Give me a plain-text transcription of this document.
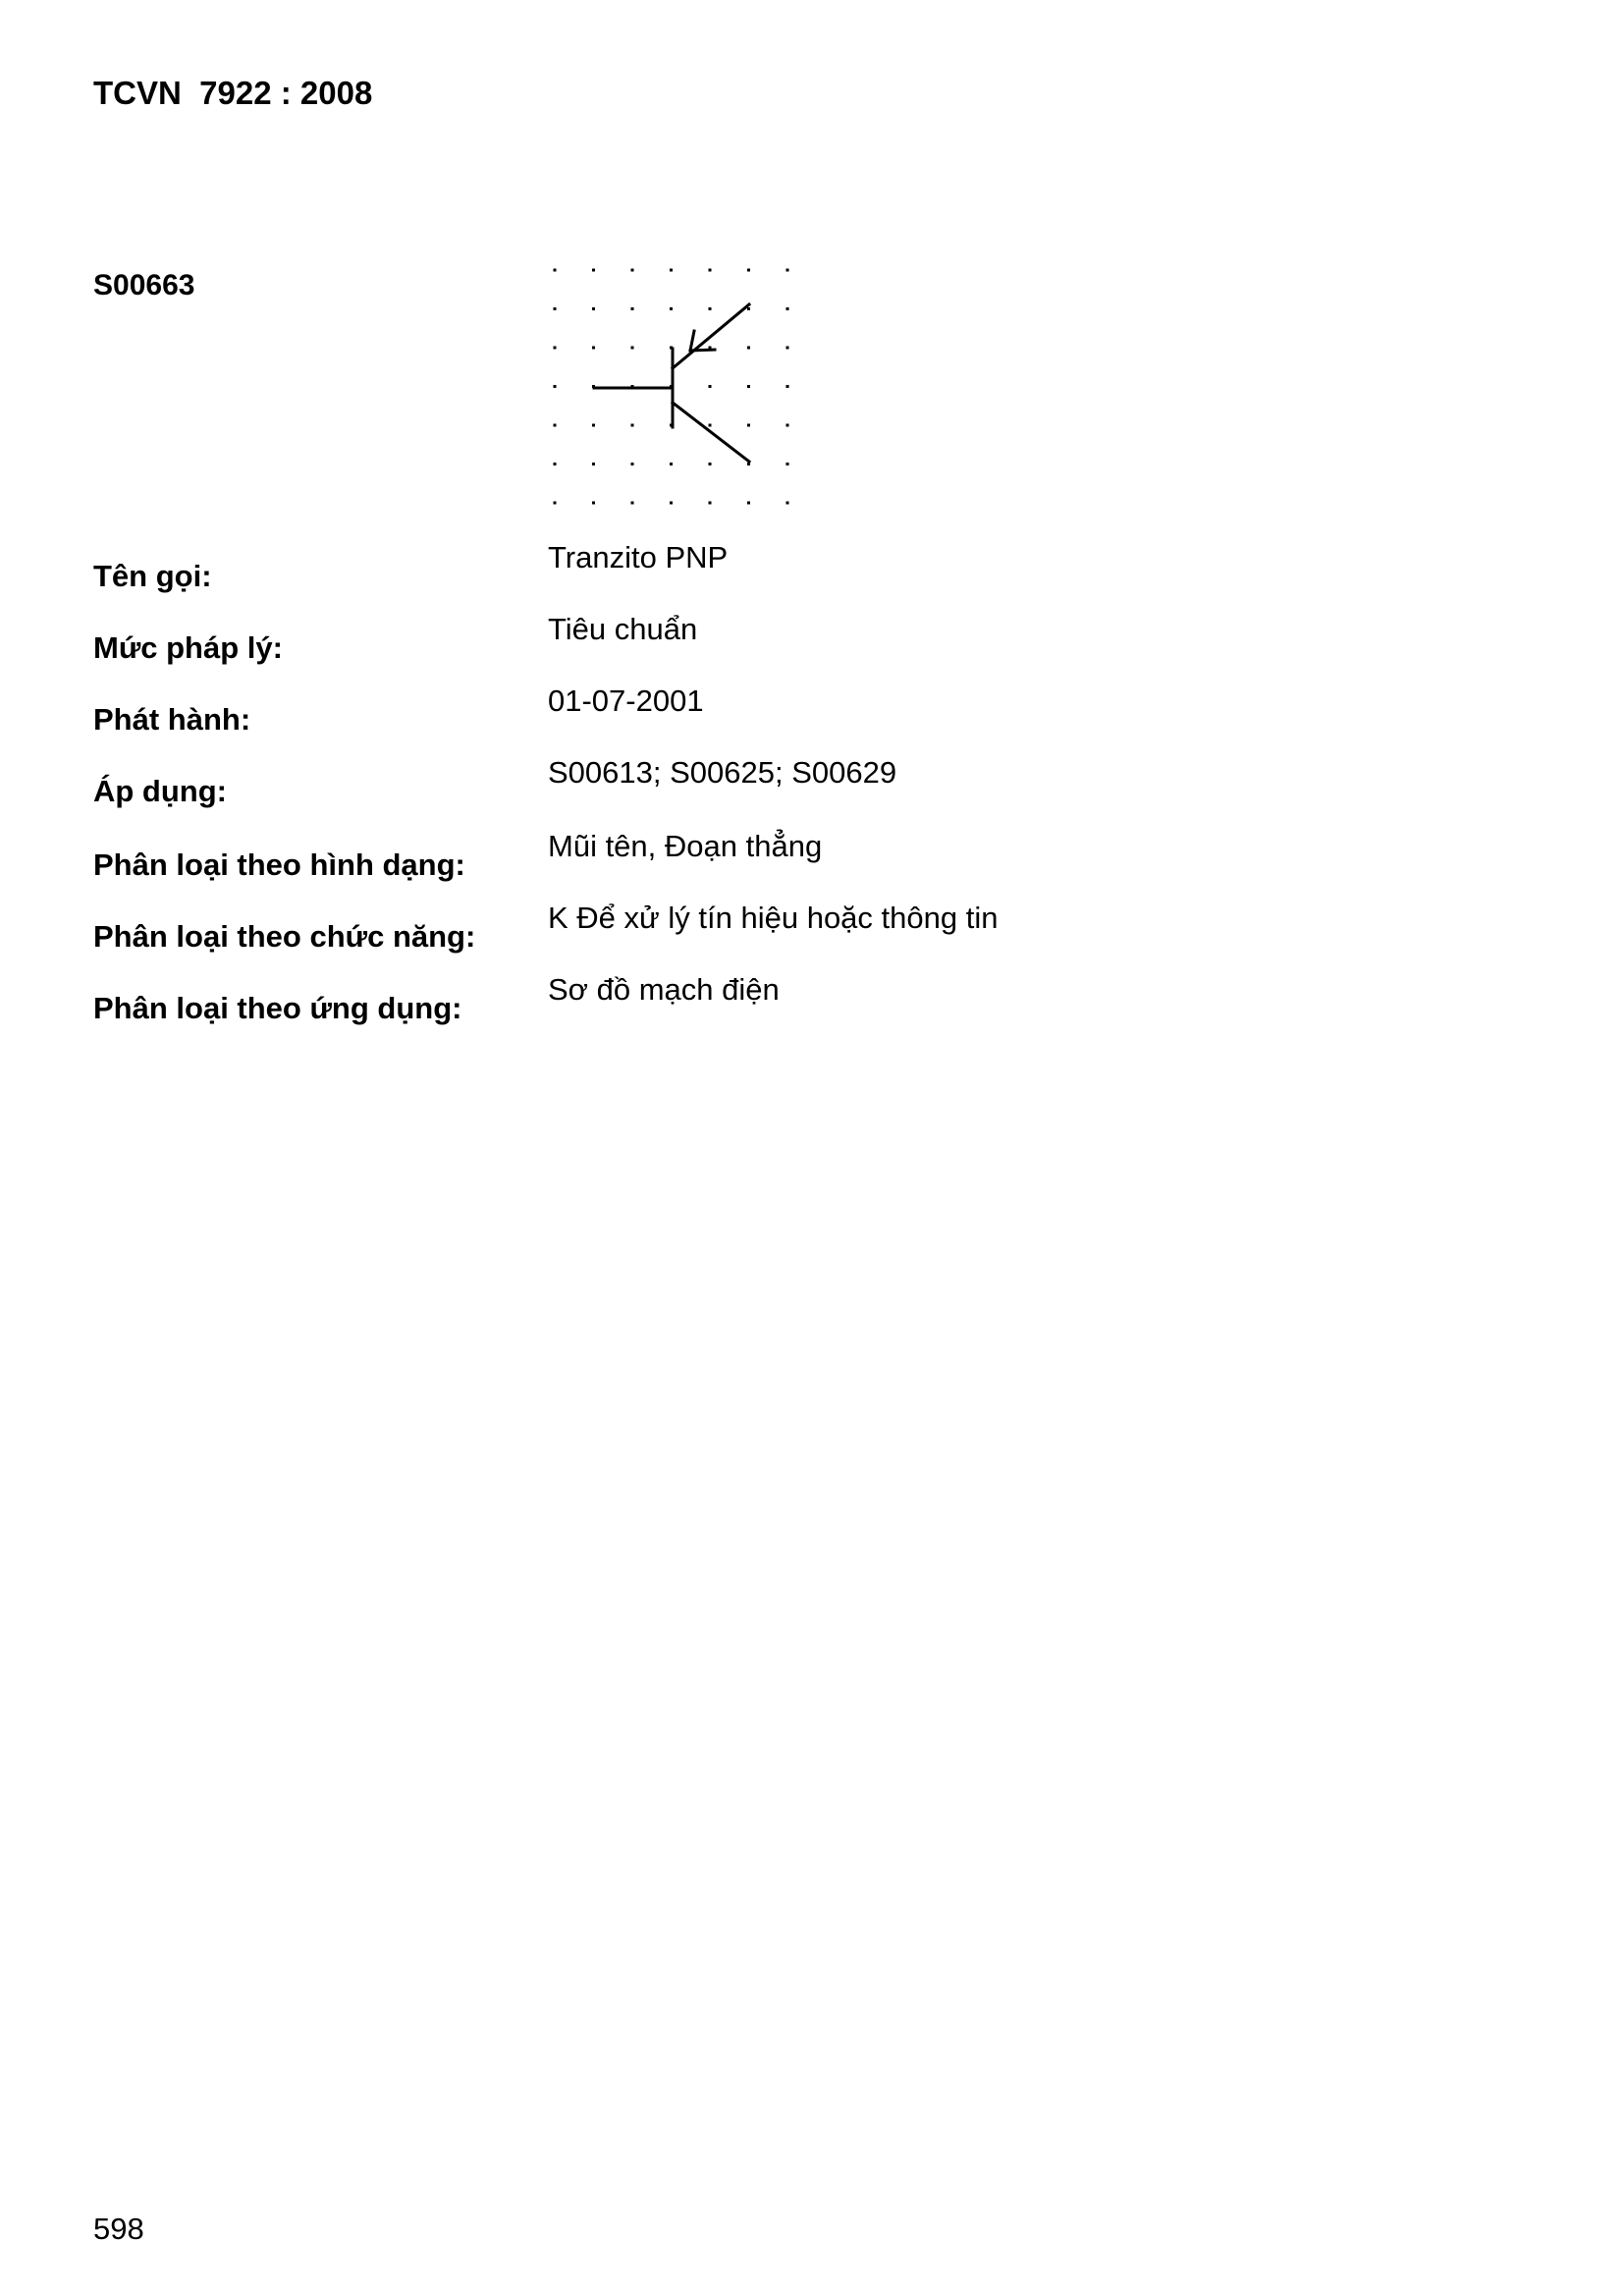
TCVN  7922 : 2008
S00663
Tên gọi:
Tranzito PNP
Mức pháp lý:
Tiêu chuẩn
Phát hành:
01-07-2001
Áp dụng:
S00613; S00625; S00629
Phân loại theo hình dạng:
Mũi tên, Đoạn thẳng
Phân loại theo chức năng:
K Để xử lý tín hiệu hoặc thông tin
Phân loại theo ứng dụng:
Sơ đồ mạch điện
598
